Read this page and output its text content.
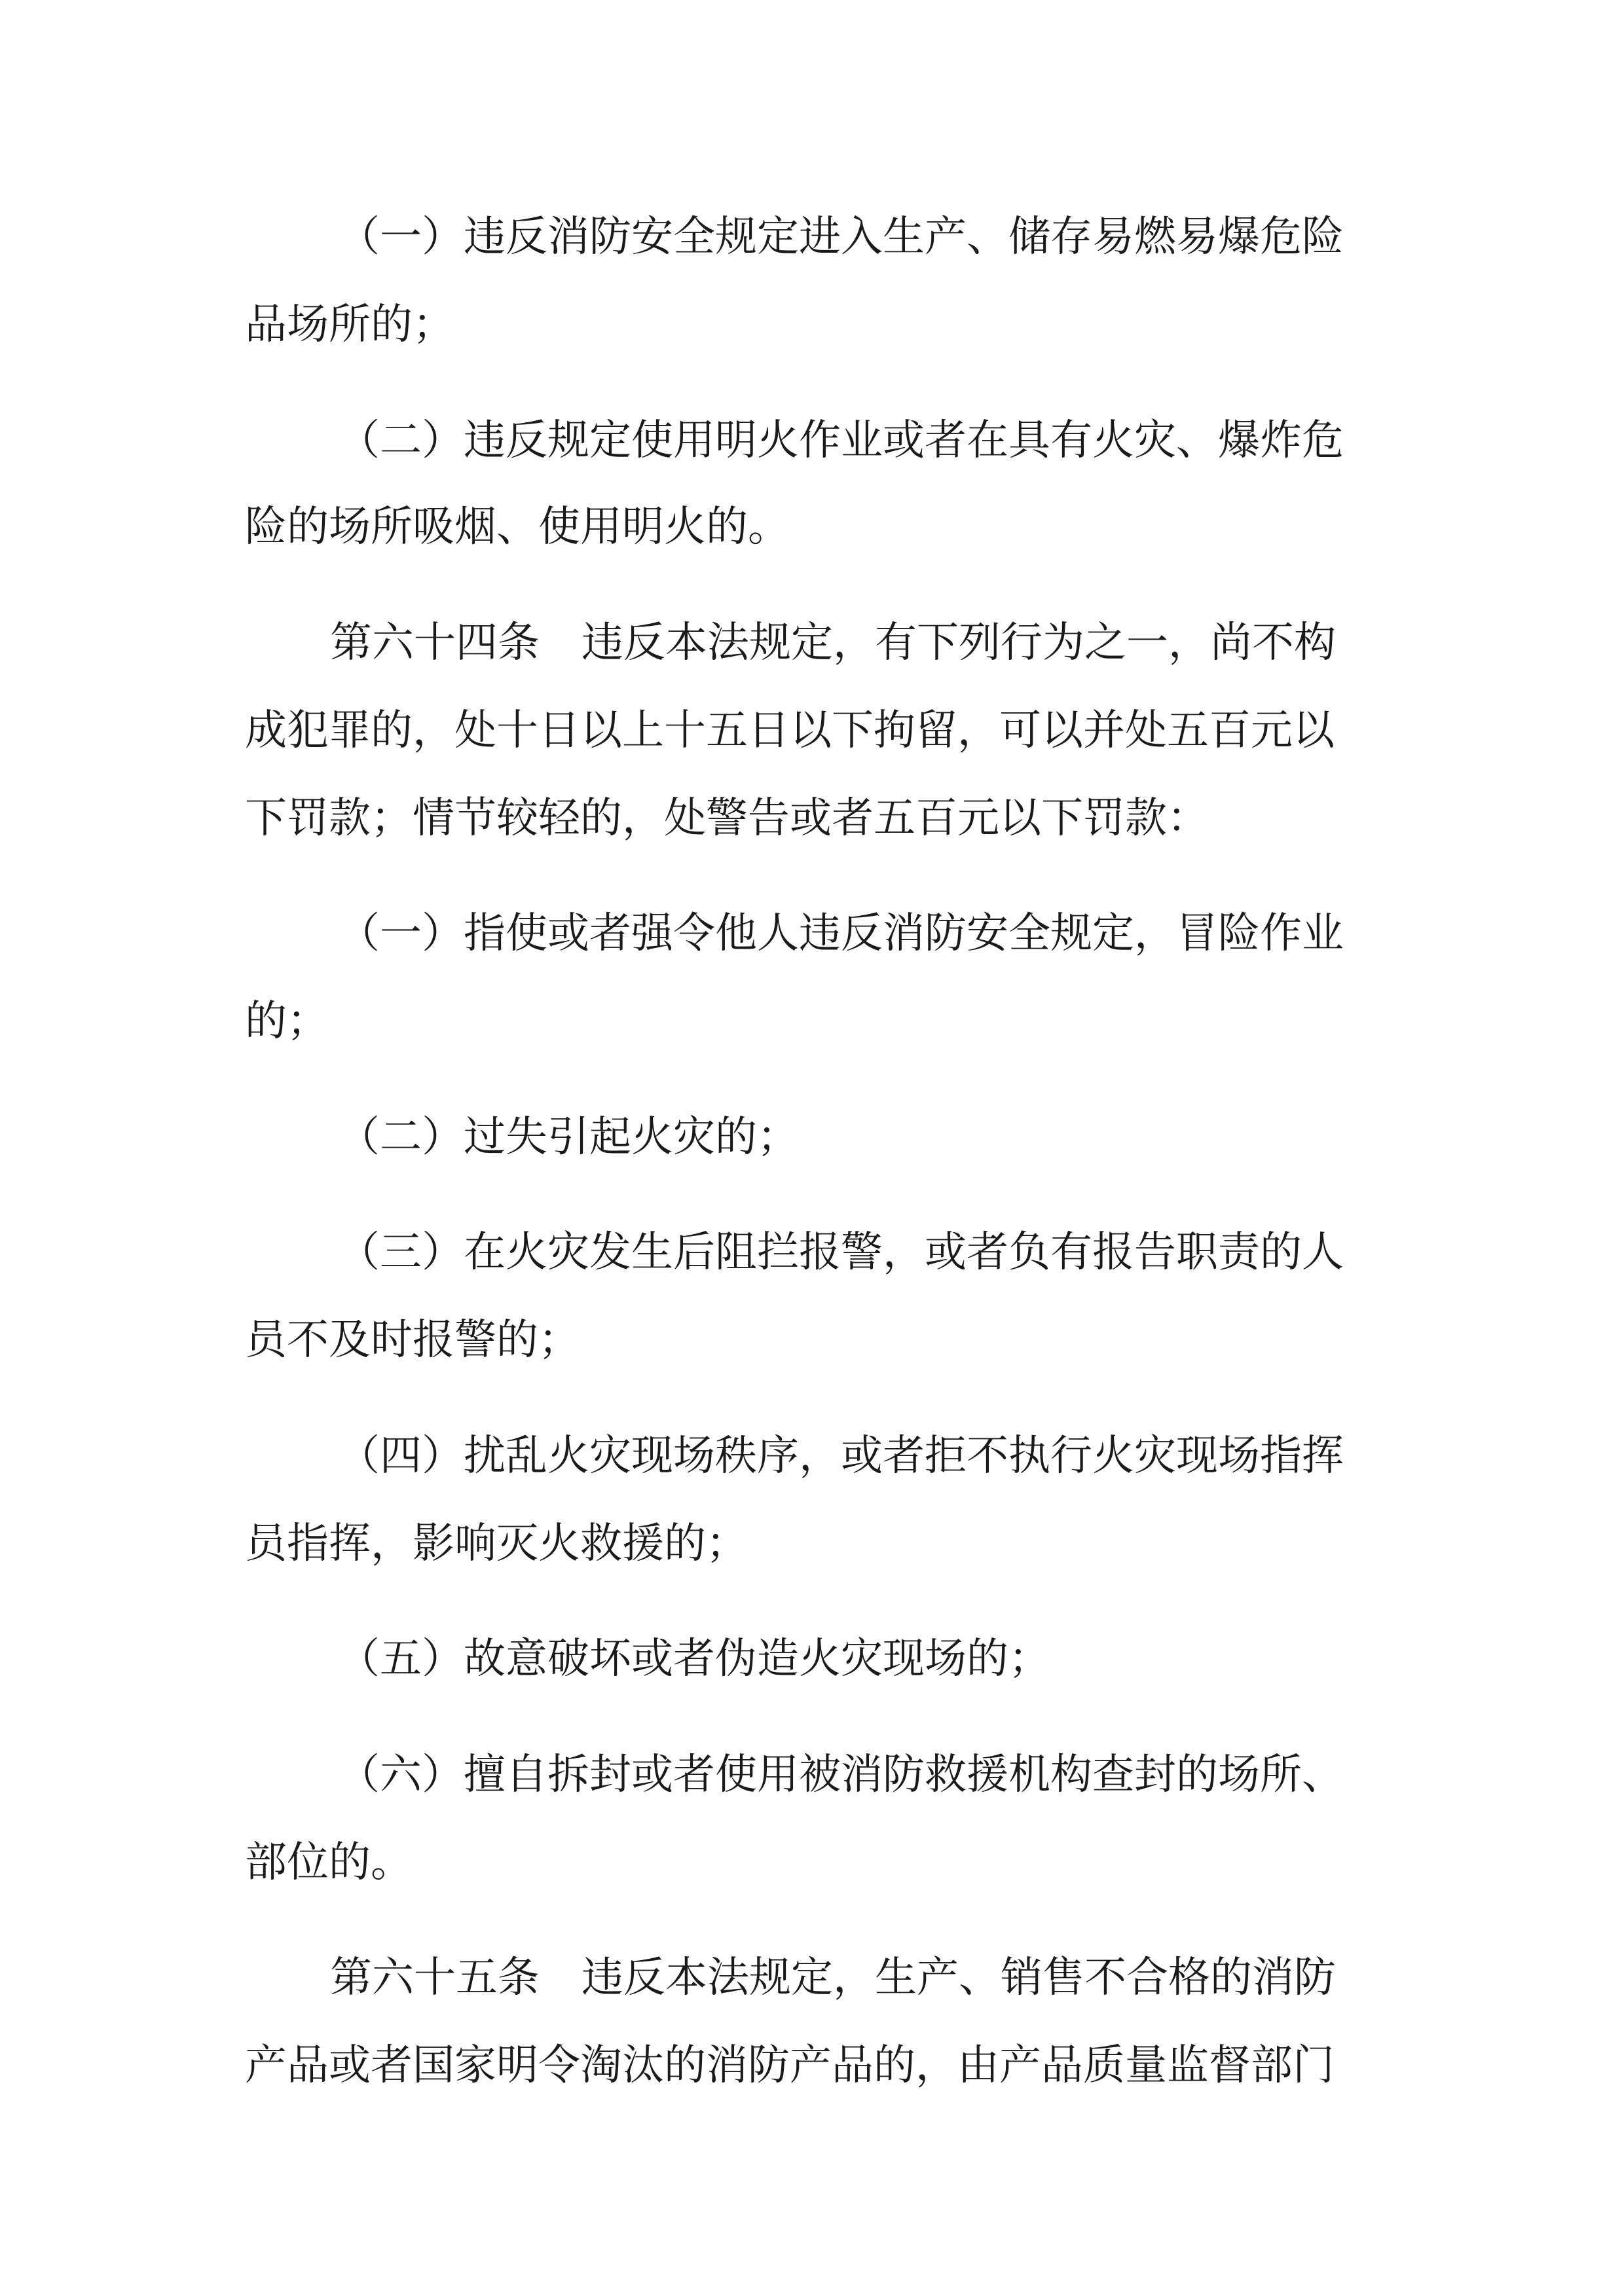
（一）违反消防安全规定进入生产、储存易燃易爆危险
品场所的；
（二）违反规定使用明火作业或者在具有火灾、爆炸危
险的场所吸烟、使用明火的。
第六十四条　违反本法规定，有下列行为之一，尚不构
成犯罪的，处十日以上十五日以下拘留，可以并处五百元以
下罚款；情节较轻的，处警告或者五百元以下罚款：
（一）指使或者强令他人违反消防安全规定，冒险作业
的；
（二）过失引起火灾的；
（三）在火灾发生后阻拦报警，或者负有报告职责的人
员不及时报警的；
（四）扰乱火灾现场秩序，或者拒不执行火灾现场指挥
员指挥，影响灭火救援的；
（五）故意破坏或者伪造火灾现场的；
（六）擅自拆封或者使用被消防救援机构查封的场所、
部位的。
第六十五条　违反本法规定，生产、销售不合格的消防
产品或者国家明令淘汰的消防产品的，由产品质量监督部门
